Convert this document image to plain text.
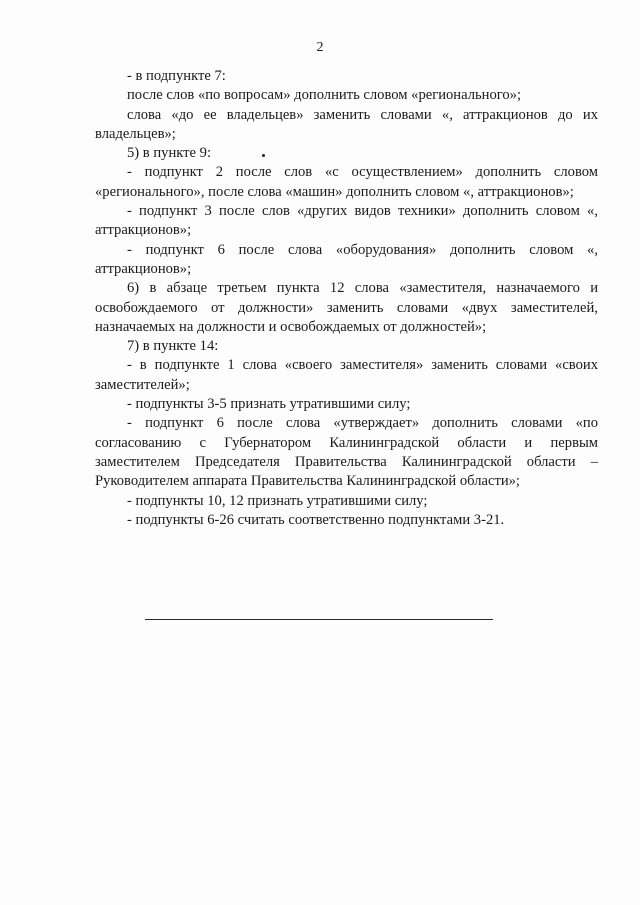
2

- в подпункте 7:

после слов «по вопросам» дополнить словом «регионального»;

слова «до ее владельцев» заменить словами «, аттракционов до их владельцев»;

5) в пункте 9:

- подпункт 2 после слов «с осуществлением» дополнить словом «регионального», после слова «машин» дополнить словом «, аттракционов»;

- подпункт 3 после слов «других видов техники» дополнить словом «, аттракционов»;

- подпункт 6 после слова «оборудования» дополнить словом «, аттракционов»;

6) в абзаце третьем пункта 12 слова «заместителя, назначаемого и освобождаемого от должности» заменить словами «двух заместителей, назначаемых на должности и освобождаемых от должностей»;

7) в пункте 14:

- в подпункте 1 слова «своего заместителя» заменить словами «своих заместителей»;

- подпункты 3-5 признать утратившими силу;

- подпункт 6 после слова «утверждает» дополнить словами «по согласованию с Губернатором Калининградской области и первым заместителем Председателя Правительства Калининградской области – Руководителем аппарата Правительства Калининградской области»;

- подпункты 10, 12 признать утратившими силу;

- подпункты 6-26 считать соответственно подпунктами 3-21.
